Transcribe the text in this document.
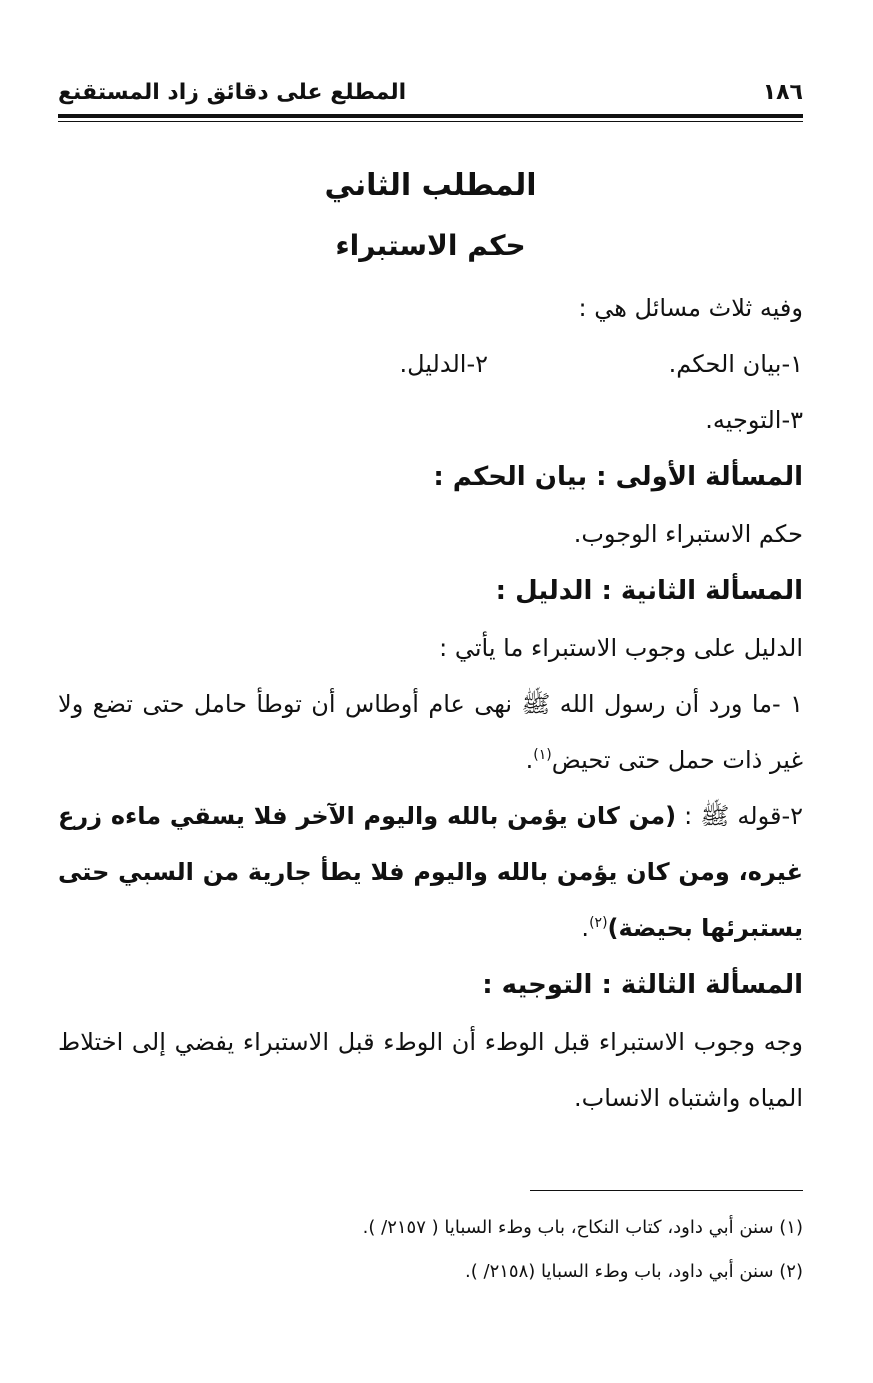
١٨٦
المطلع على دقائق زاد المستقنع
المطلب الثاني
حكم الاستبراء

وفيه ثلاث مسائل هي :

١-بيان الحكم.
٢-الدليل.

٣-التوجيه.

المسألة الأولى : بيان الحكم :

حكم الاستبراء الوجوب.

المسألة الثانية : الدليل :

الدليل على وجوب الاستبراء ما يأتي :

١ -ما ورد أن رسول الله ﷺ نهى عام أوطاس أن توطأ حامل حتى تضع ولا غير ذات حمل حتى تحيض$^{(١)}$.

٢-قوله ﷺ : (من كان يؤمن بالله واليوم الآخر فلا يسقي ماءه زرع غيره، ومن كان يؤمن بالله واليوم فلا يطأ جارية من السبي حتى يستبرئها بحيضة)$^{(٢)}$.

المسألة الثالثة : التوجيه :

وجه وجوب الاستبراء قبل الوطء أن الوطء قبل الاستبراء يفضي إلى اختلاط المياه واشتباه الانساب.

(١) سنن أبي داود، كتاب النكاح، باب وطء السبايا ( ٢١٥٧/ ).

(٢) سنن أبي داود، باب وطء السبايا (٢١٥٨/ ).
